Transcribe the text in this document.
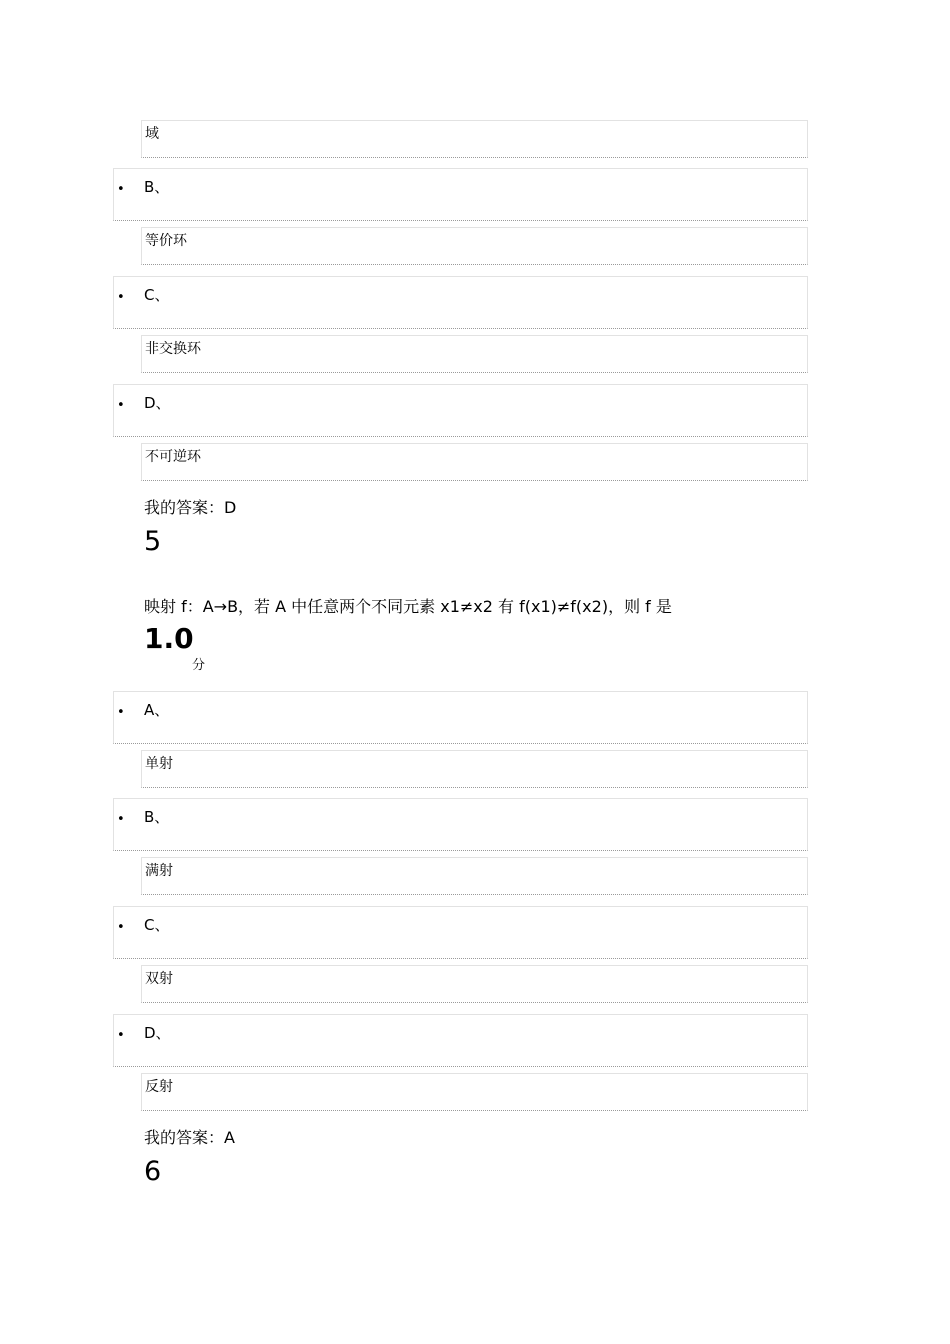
域
• B、
等价环
• C、
非交换环
• D、
不可逆环
我的答案：D
5
映射 f：A→B，若 A 中任意两个不同元素 x1≠x2 有 f(x1)≠f(x2)，则 f 是
1.0
分
• A、
单射
• B、
满射
• C、
双射
• D、
反射
我的答案：A
6
